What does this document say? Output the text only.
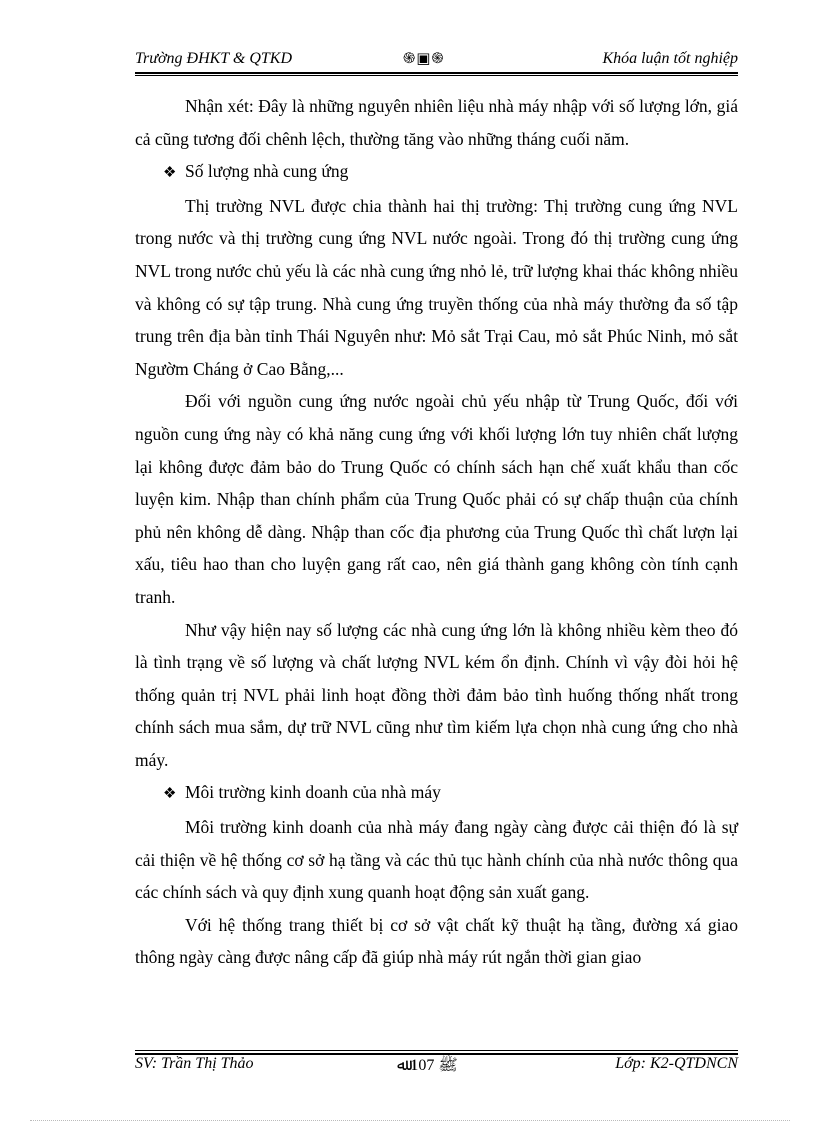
Trường ĐHKT & QTKD	֍▣֍	Khóa luận tốt nghiệp

Nhận xét: Đây là những nguyên nhiên liệu nhà máy nhập với số lượng lớn, giá cả cũng tương đối chênh lệch, thường tăng vào những tháng cuối năm.

❖ Số lượng nhà cung ứng

Thị trường NVL được chia thành hai thị trường: Thị trường cung ứng NVL trong nước và thị trường cung ứng NVL nước ngoài. Trong đó thị trường cung ứng NVL trong nước chủ yếu là các nhà cung ứng nhỏ lẻ, trữ lượng khai thác không nhiều và không có sự tập trung. Nhà cung ứng truyền thống của nhà máy thường đa số tập trung trên địa bàn tỉnh Thái Nguyên như: Mỏ sắt Trại Cau, mỏ sắt Phúc Ninh, mỏ sắt Ngườm Cháng ở Cao Bằng,...

Đối với nguồn cung ứng nước ngoài chủ yếu nhập từ Trung Quốc, đối với nguồn cung ứng này có khả năng cung ứng với khối lượng lớn tuy nhiên chất lượng lại không được đảm bảo do Trung Quốc có chính sách hạn chế xuất khẩu than cốc luyện kim. Nhập than chính phẩm của Trung Quốc phải có sự chấp thuận của chính phủ nên không dễ dàng. Nhập than cốc địa phương của Trung Quốc thì chất lượn lại xấu, tiêu hao than cho luyện gang rất cao, nên giá thành gang không còn tính cạnh tranh.

Như vậy hiện nay số lượng các nhà cung ứng lớn là không nhiều kèm theo đó là tình trạng về số lượng và chất lượng NVL kém ổn định. Chính vì vậy đòi hỏi hệ thống quản trị NVL phải linh hoạt đồng thời đảm bảo tình huống thống nhất trong chính sách mua sắm, dự trữ NVL cũng như tìm kiếm lựa chọn nhà cung ứng cho nhà máy.

❖ Môi trường kinh doanh của nhà máy

Môi trường kinh doanh của nhà máy đang ngày càng được cải thiện đó là sự cải thiện về hệ thống cơ sở hạ tầng và các thủ tục hành chính của nhà nước thông qua các chính sách và quy định xung quanh hoạt động sản xuất gang.

Với hệ thống trang thiết bị cơ sở vật chất kỹ thuật hạ tầng, đường xá giao thông ngày càng được nâng cấp đã giúp nhà máy rút ngắn thời gian giao

SV: Trần Thị Thảo	ﷺ 107 ﷲ	Lớp: K2-QTDNCN
